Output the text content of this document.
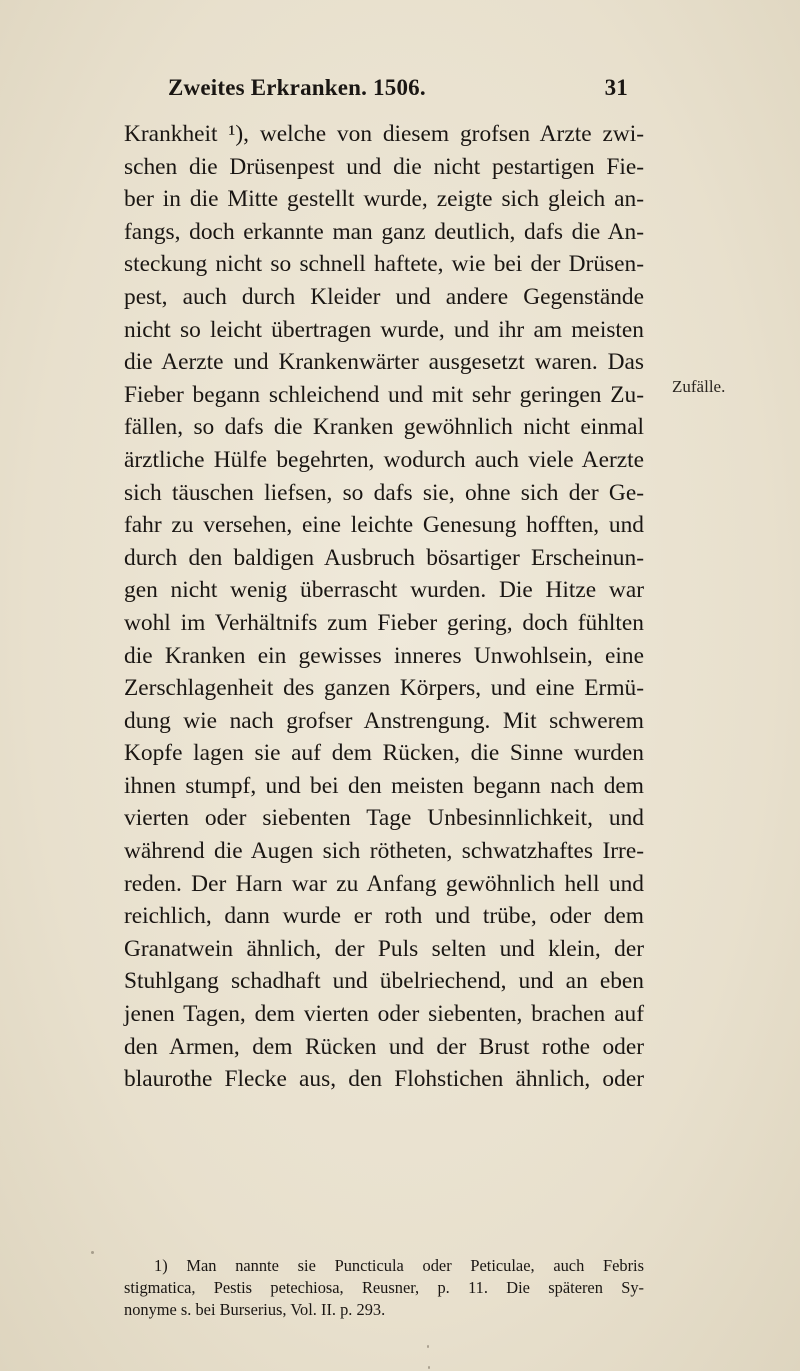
Zweites Erkranken. 1506.	31
Krankheit ¹), welche von diesem grofsen Arzte zwi-
schen die Drüsenpest und die nicht pestartigen Fie-
ber in die Mitte gestellt wurde, zeigte sich gleich an-
fangs, doch erkannte man ganz deutlich, dafs die An-
steckung nicht so schnell haftete, wie bei der Drüsen-
pest, auch durch Kleider und andere Gegenstände
nicht so leicht übertragen wurde, und ihr am meisten
die Aerzte und Krankenwärter ausgesetzt waren. Das
Fieber begann schleichend und mit sehr geringen Zu-
fällen, so dafs die Kranken gewöhnlich nicht einmal
ärztliche Hülfe begehrten, wodurch auch viele Aerzte
sich täuschen liefsen, so dafs sie, ohne sich der Ge-
fahr zu versehen, eine leichte Genesung hofften, und
durch den baldigen Ausbruch bösartiger Erscheinun-
gen nicht wenig überrascht wurden. Die Hitze war
wohl im Verhältnifs zum Fieber gering, doch fühlten
die Kranken ein gewisses inneres Unwohlsein, eine
Zerschlagenheit des ganzen Körpers, und eine Ermü-
dung wie nach grofser Anstrengung. Mit schwerem
Kopfe lagen sie auf dem Rücken, die Sinne wurden
ihnen stumpf, und bei den meisten begann nach dem
vierten oder siebenten Tage Unbesinnlichkeit, und
während die Augen sich rötheten, schwatzhaftes Irre-
reden. Der Harn war zu Anfang gewöhnlich hell und
reichlich, dann wurde er roth und trübe, oder dem
Granatwein ähnlich, der Puls selten und klein, der
Stuhlgang schadhaft und übelriechend, und an eben
jenen Tagen, dem vierten oder siebenten, brachen auf
den Armen, dem Rücken und der Brust rothe oder
blaurothe Flecke aus, den Flohstichen ähnlich, oder
Zufälle.
1) Man nannte sie Puncticula oder Peticulae, auch Febris
stigmatica, Pestis petechiosa, Reusner, p. 11. Die späteren Sy-
nonyme s. bei Burserius, Vol. II. p. 293.
